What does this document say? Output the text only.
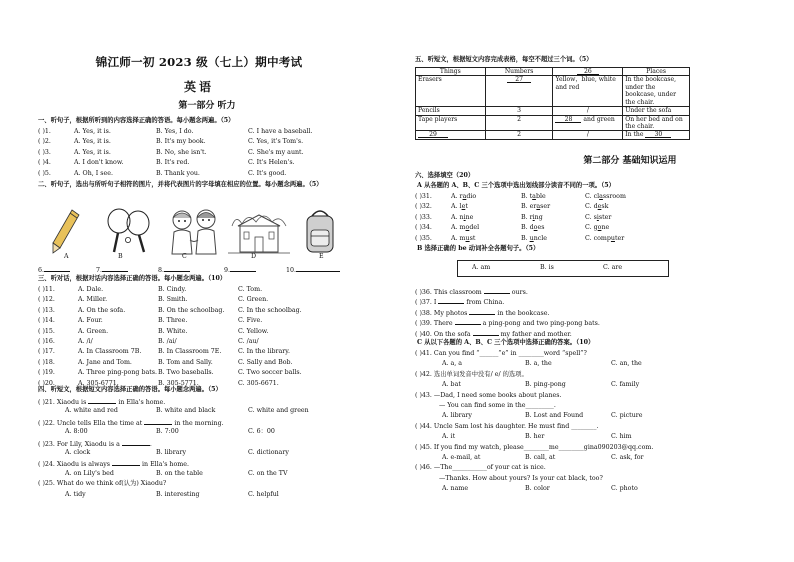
锦江师一初 2023 级（七上）期中考试
英语
第一部分 听力
一、听句子，根据所听到的内容选择正确的答语。每小题念两遍。（5）
( )1.	A. Yes, it is.	B. Yes, I do.	C. I have a baseball.
( )2.	A. Yes, it is.	B. It's my book.	C. Yes, it's Tom's.
( )3.	A. Yes, it is.	B. No, she isn't.	C. She's my aunt.
( )4.	A. I don't know.	B. It's red.	C. It's Helen's.
( )5.	A. Oh, I see.	B. Thank you.	C. It's good.
二、听句子，选出与所听句子相符的图片，并将代表图片的字母填在相应的位置。每小题念两遍。（5）
A	B	C	D	E
6.	7.	8.	9.	10.
三、听对话，根据对话内容选择正确的答语。每小题念两遍。（10）
( )11.	A. Dale.	B. Cindy.	C. Tom.
( )12.	A. Miller.	B. Smith.	C. Green.
( )13.	A. On the sofa.	B. On the schoolbag. C. In the schoolbag.
( )14.	A. Four.	B. Three.	C. Five.
( )15.	A. Green.	B. White.	C. Yellow.
( )16.	A. /i/	B. /ai/	C. /au/
( )17.	A. In Classroom 7B.	B. In Classroom 7E.	C. In the library.
( )18.	A. Jane and Tom.	B. Tom and Sally.	C. Sally and Bob.
( )19.	A. Three ping-pong bats. B. Two baseballs.	C. Two soccer balls.
( )20.	A. 305-6771.	B. 305-5771.	C. 305-6671.
四、听短文，根据短文内容选择正确的答语。每小题念两遍。（5）
( )21. Xiaodu is	in Ella's home.
A. white and red	B. white and black	C. white and green
( )22. Uncle tells Ella the time at	in the morning.
A. 8:00	B. 7:00	C. 6：00
( )23. For Lily, Xiaodu is a	.
A. clock	B. library	C. dictionary
( )24. Xiaodu is always	in Ella's home.
A. on Lily's bed	B. on the table	C. on the TV
( )25. What do we think of(认为) Xiaodu?
A. tidy	B. interesting	C. helpful
五、听短文，根据短文内容完成表格，每空不超过三个词。（5）
Things	Numbers	26	Places
Erasers	27	Yellow，blue, white and red	In the bookcase, under the bookcase, under the chair.
Pencils	3	/	Under the sofa
Tape players	2	28 and green	On her bed and on the chair.
29	2	/	In the 30
第二部分 基础知识运用
六、选择填空（20）
A 从各题的 A、B、C 三个选项中选出划线部分读音不同的一项。（5）
( )31.	A. radio	B. table	C. classroom
( )32.	A. let	B. eraser	C. desk
( )33.	A. nine	B. ring	C. sister
( )34.	A. model	B. does	C. gone
( )35.	A. must	B. uncle	C. computer
B 选择正确的 be 动词补全各题句子。（5）
A. am	B. is	C. are
( )36. This classroom	ours.
( )37. I	from China.
( )38. My photos	in the bookcase.
( )39. There	a ping-pong and two ping-pong bats.
( )40. On the sofa	my father and mother.
C 从以下各题的 A、B、C 三个选项中选择正确的答案。（10）
( )41. Can you find “______”e” in ________word “spell”?
A. a, a	B. a, the	C. an, the
( )42. 选出单词发音中没有/ e/ 的选项。
A. bat	B. ping-pong	C. family
( )43. —Dad, I need some books about planes.
— You can find some in the_________.
A. library	B. Lost and Found	C. picture
( )44. Uncle Sam lost his daughter. He must find ________.
A. it	B. her	C. him
( )45. If you find my watch, please________me________gina090203@qq.com.
A. e-mail, at	B. call, at	C. ask, for
( )46. —The___________of your cat is nice.
—Thanks. How about yours? Is your cat black, too?
A. name	B. color	C. photo
